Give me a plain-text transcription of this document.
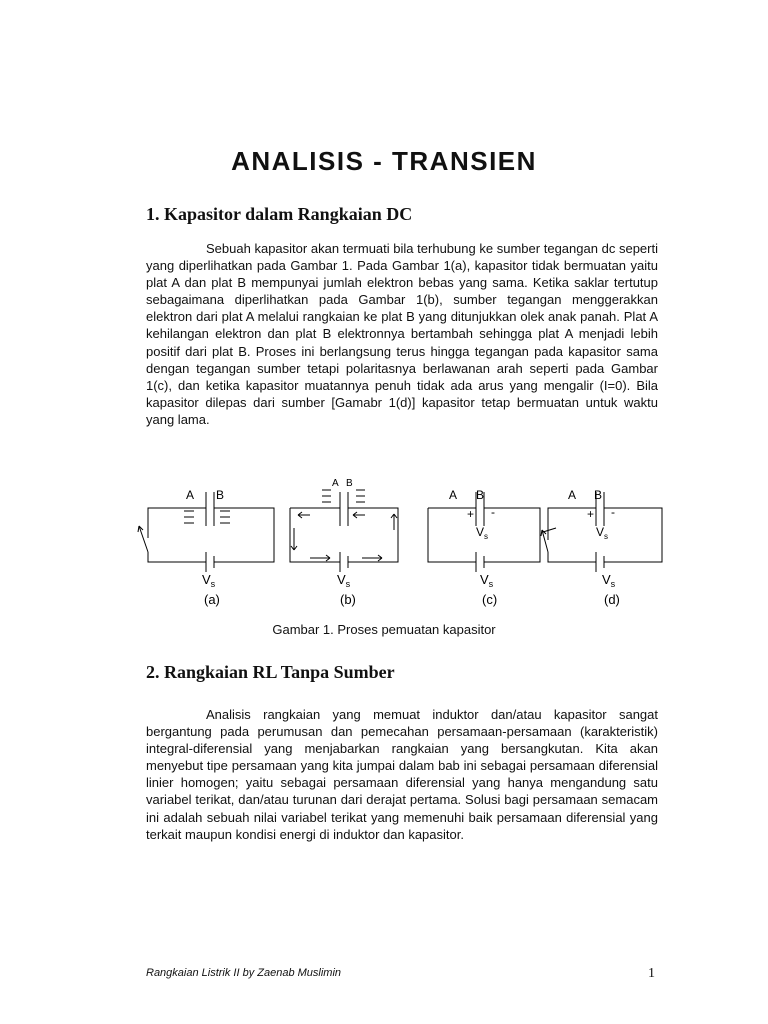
ANALISIS - TRANSIEN
1. Kapasitor dalam Rangkaian DC

Sebuah kapasitor akan termuati bila terhubung ke sumber tegangan dc seperti yang diperlihatkan pada Gambar 1. Pada Gambar 1(a), kapasitor tidak bermuatan yaitu plat A dan plat B mempunyai jumlah elektron bebas yang sama. Ketika saklar tertutup sebagaimana diperlihatkan pada Gambar 1(b), sumber tegangan menggerakkan elektron dari plat A melalui rangkaian ke plat B yang ditunjukkan olek anak panah. Plat A kehilangan elektron dan plat B elektronnya bertambah sehingga plat A menjadi lebih positif dari plat B. Proses ini berlangsung terus hingga tegangan pada kapasitor sama dengan tegangan sumber tetapi polaritasnya berlawanan arah seperti pada Gambar 1(c), dan ketika kapasitor muatannya penuh tidak ada arus yang mengalir (I=0). Bila kapasitor dilepas dari sumber [Gamabr 1(d)] kapasitor tetap bermuatan untuk waktu yang lama.

A B
$V_s$
(a)
A B
$V_s$
(b)
A B
+ -
$V_s$
$V_s$
(c)
A B
+ -
$V_s$
$V_s$
(d)
Gambar 1. Proses pemuatan kapasitor
2. Rangkaian RL Tanpa Sumber

Analisis rangkaian yang memuat induktor dan/atau kapasitor sangat bergantung pada perumusan dan pemecahan persamaan-persamaan (karakteristik) integral-diferensial yang menjabarkan rangkaian yang bersangkutan. Kita akan menyebut tipe persamaan yang kita jumpai dalam bab ini sebagai persamaan diferensial linier homogen; yaitu sebagai persamaan diferensial yang hanya mengandung satu variabel terikat, dan/atau turunan dari derajat pertama. Solusi bagi persamaan semacam ini adalah sebuah nilai variabel terikat yang memenuhi baik persamaan diferensial yang terkait maupun kondisi energi di induktor dan kapasitor.

Rangkaian Listrik II by Zaenab Muslimin	1
